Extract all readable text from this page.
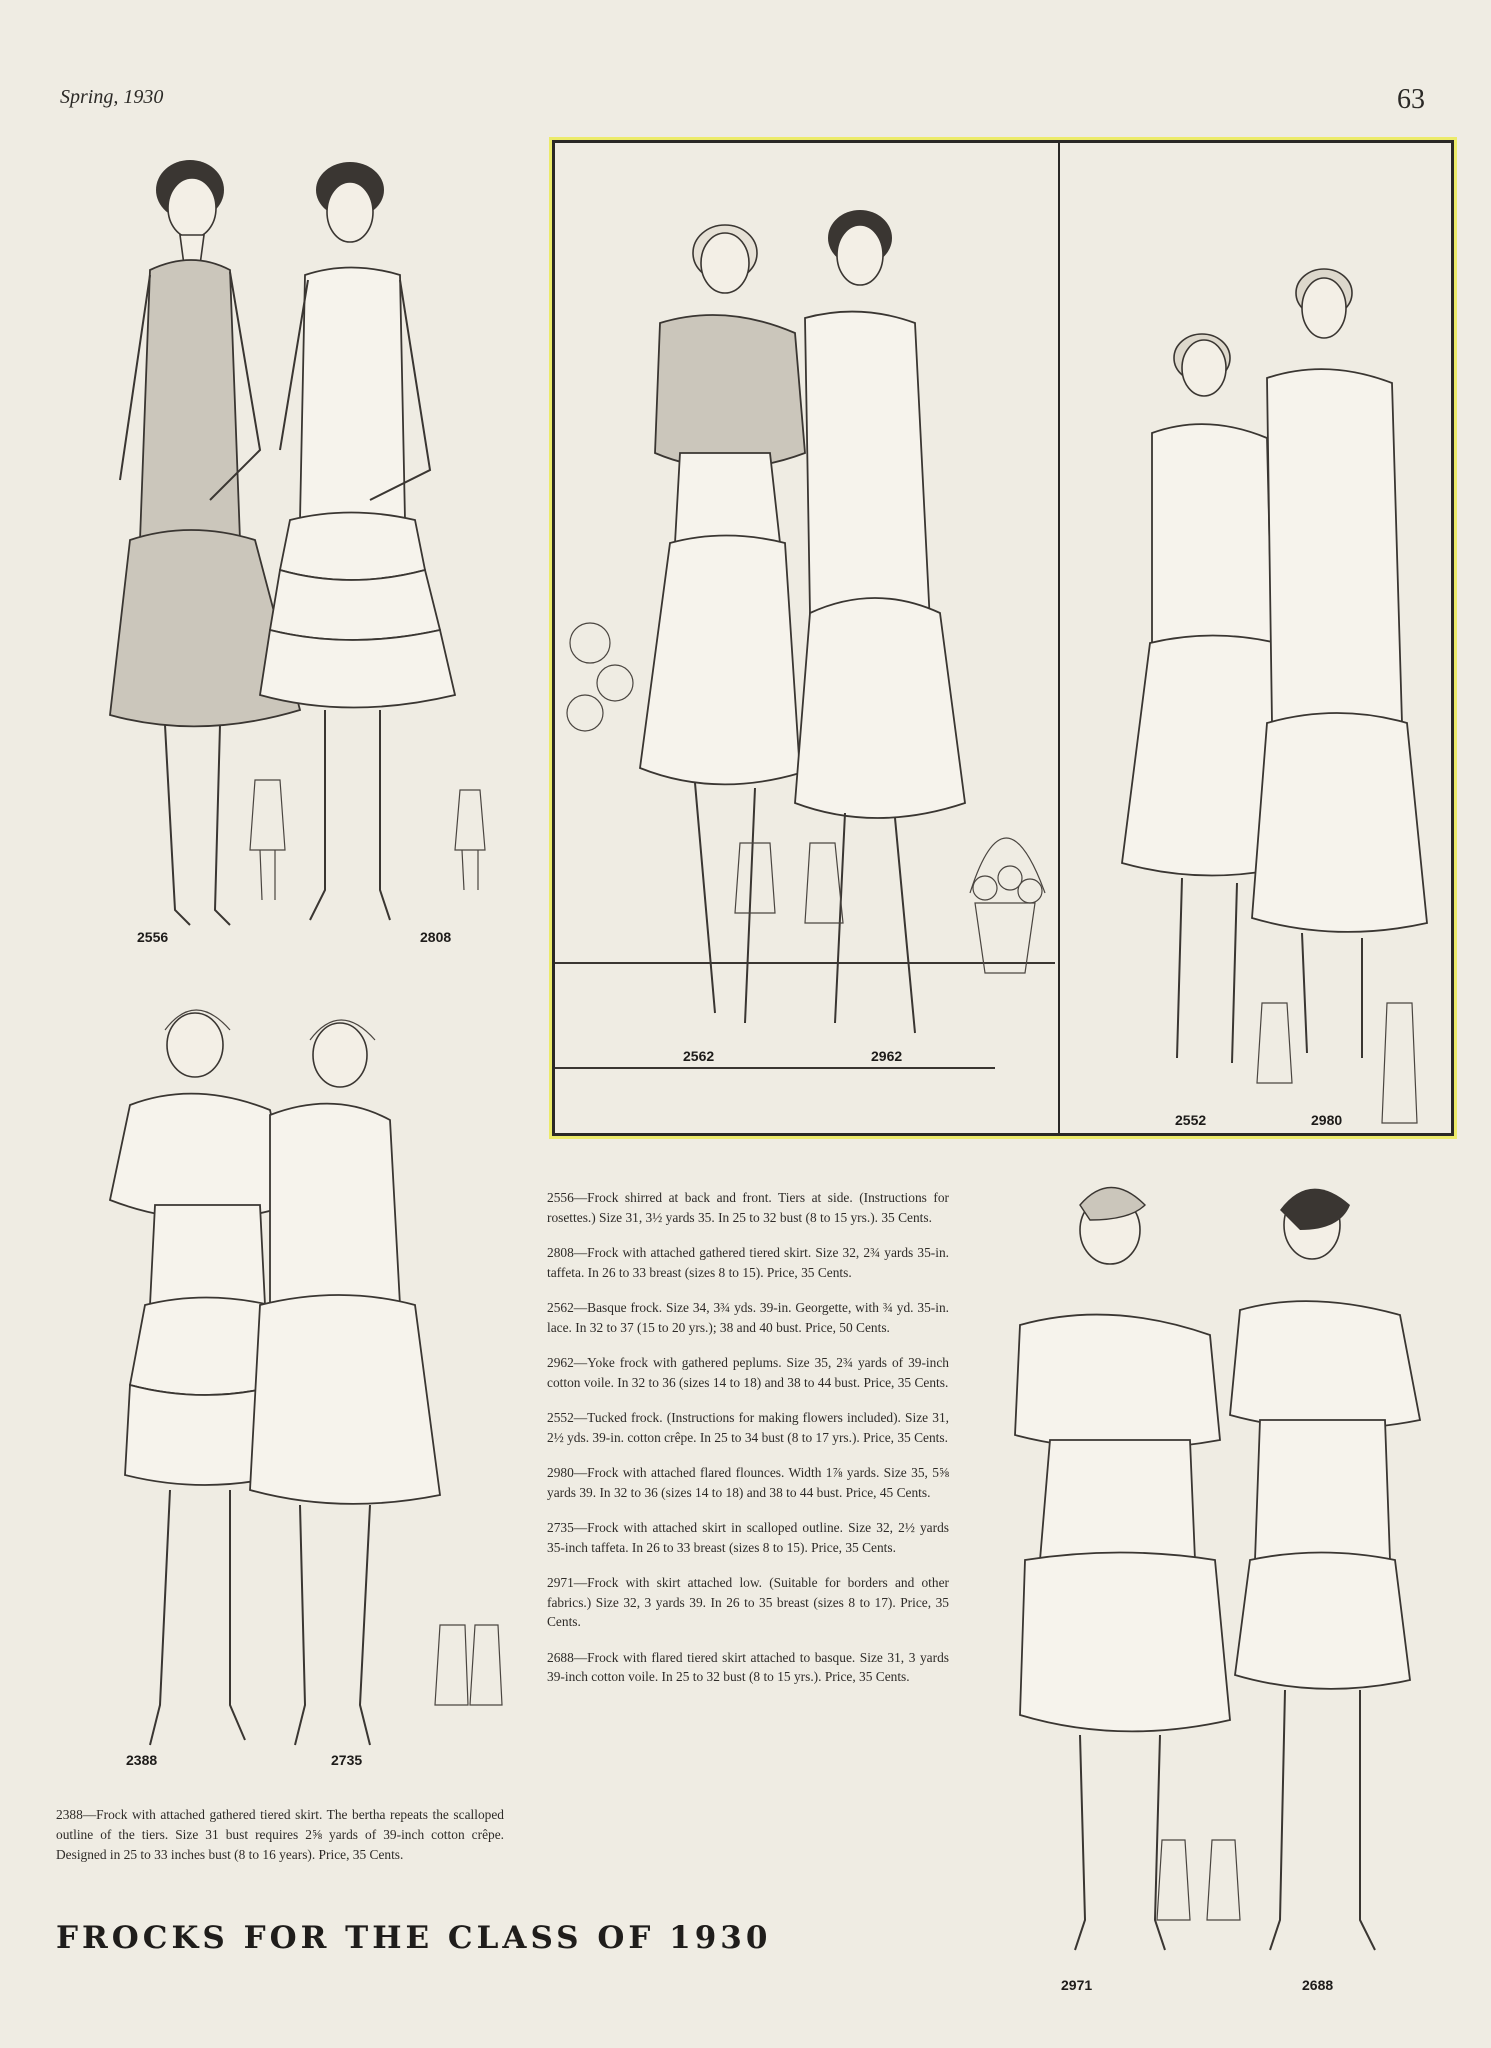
Spring, 1930	63
2556	2808
2562	2962
2552	2980
2388	2735
2971	2688

2556—Frock shirred at back and front. Tiers at side. (Instructions for rosettes.) Size 31, 3½ yards 35. In 25 to 32 bust (8 to 15 yrs.). 35 Cents.

2808—Frock with attached gathered tiered skirt. Size 32, 2¾ yards 35-in. taffeta. In 26 to 33 breast (sizes 8 to 15). Price, 35 Cents.

2562—Basque frock. Size 34, 3¾ yds. 39-in. Georgette, with ¾ yd. 35-in. lace. In 32 to 37 (15 to 20 yrs.); 38 and 40 bust. Price, 50 Cents.

2962—Yoke frock with gathered peplums. Size 35, 2¾ yards of 39-inch cotton voile. In 32 to 36 (sizes 14 to 18) and 38 to 44 bust. Price, 35 Cents.

2552—Tucked frock. (Instructions for making flowers included). Size 31, 2½ yds. 39-in. cotton crêpe. In 25 to 34 bust (8 to 17 yrs.). Price, 35 Cents.

2980—Frock with attached flared flounces. Width 1⅞ yards. Size 35, 5⅝ yards 39. In 32 to 36 (sizes 14 to 18) and 38 to 44 bust. Price, 45 Cents.

2735—Frock with attached skirt in scalloped outline. Size 32, 2½ yards 35-inch taffeta. In 26 to 33 breast (sizes 8 to 15). Price, 35 Cents.

2971—Frock with skirt attached low. (Suitable for borders and other fabrics.) Size 32, 3 yards 39. In 26 to 35 breast (sizes 8 to 17). Price, 35 Cents.

2688—Frock with flared tiered skirt attached to basque. Size 31, 3 yards 39-inch cotton voile. In 25 to 32 bust (8 to 15 yrs.). Price, 35 Cents.

2388—Frock with attached gathered tiered skirt. The bertha repeats the scalloped outline of the tiers. Size 31 bust requires 2⅝ yards of 39-inch cotton crêpe. Designed in 25 to 33 inches bust (8 to 16 years). Price, 35 Cents.
FROCKS FOR THE CLASS OF 1930
